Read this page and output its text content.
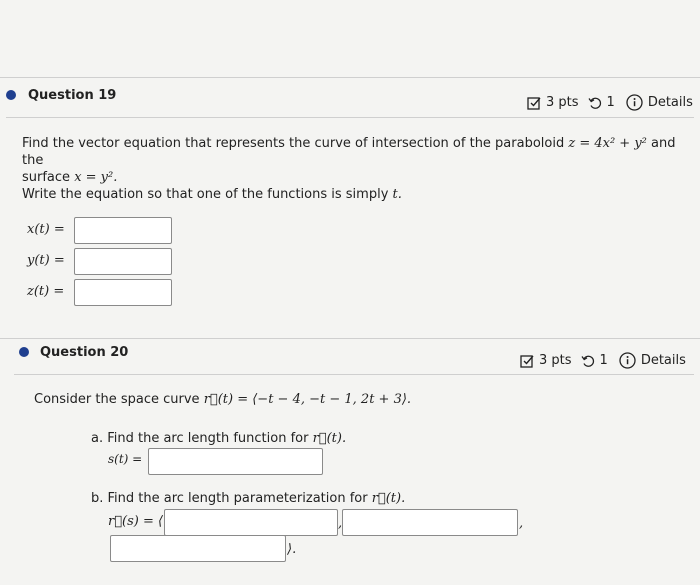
Question 19	3 pts 1	Details
Find the vector equation that represents the curve of intersection of the paraboloid z = 4x² + y² and the
surface x = y².
Write the equation so that one of the functions is simply t.
x(t) =
y(t) =
z(t) =
Question 20
3 pts 1	Details
Consider the space curve r⃗(t) = ⟨−t − 4, −t − 1, 2t + 3⟩.
a. Find the arc length function for r⃗(t).
s(t) =
b. Find the arc length parameterization for r⃗(t).
r⃗(s) = ⟨	,	,
⟩.
